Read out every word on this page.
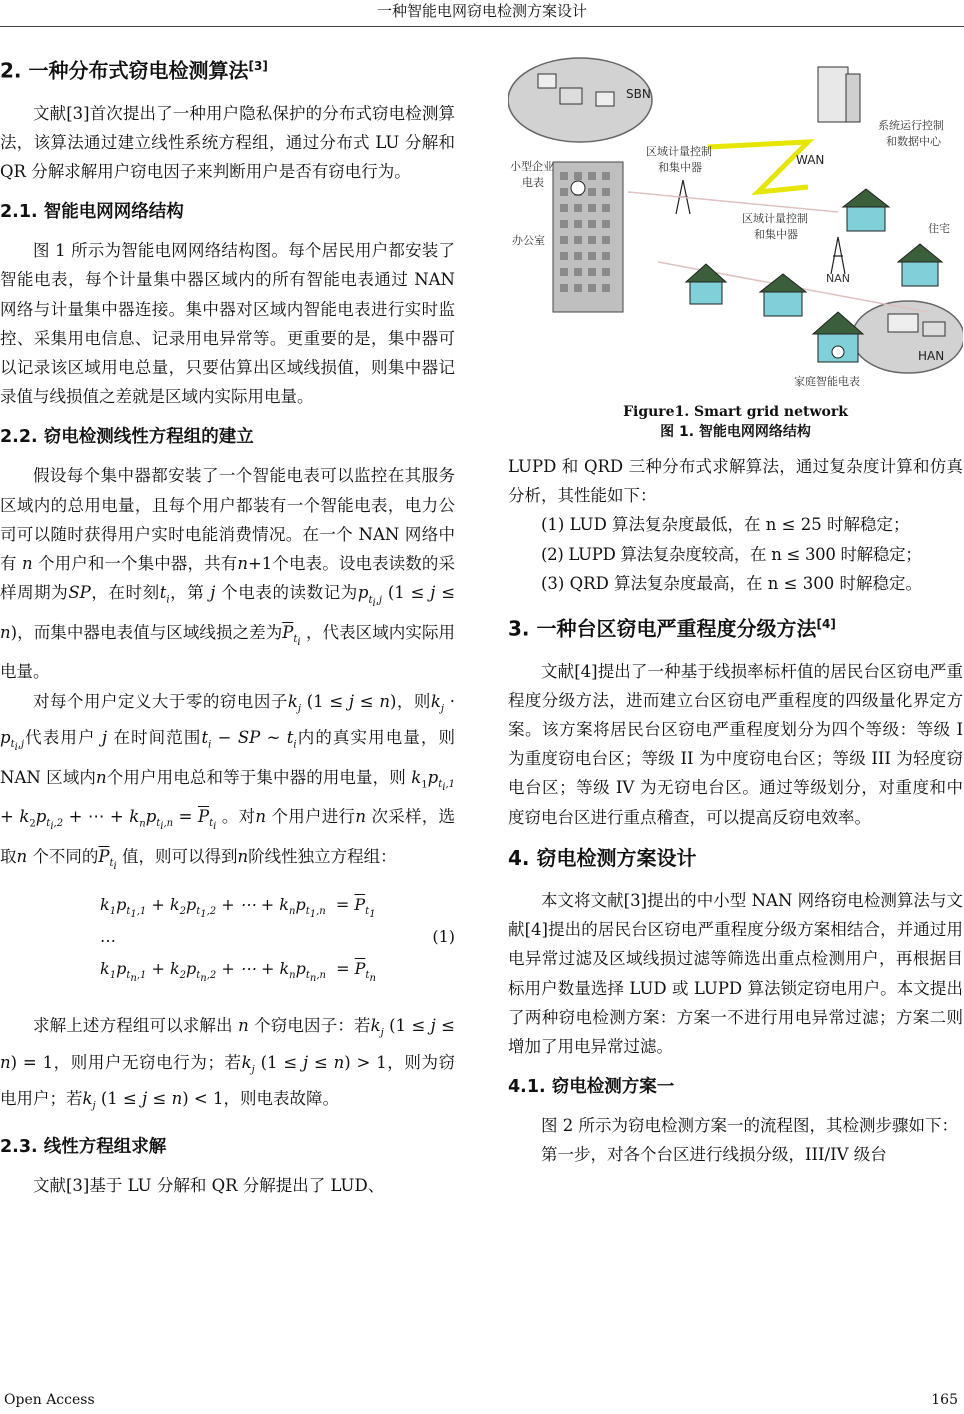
一种智能电网窃电检测方案设计
2. 一种分布式窃电检测算法[3]

文献[3]首次提出了一种用户隐私保护的分布式窃电检测算法，该算法通过建立线性系统方程组，通过分布式 LU 分解和 QR 分解求解用户窃电因子来判断用户是否有窃电行为。

2.1. 智能电网网络结构

图 1 所示为智能电网网络结构图。每个居民用户都安装了智能电表，每个计量集中器区域内的所有智能电表通过 NAN 网络与计量集中器连接。集中器对区域内智能电表进行实时监控、采集用电信息、记录用电异常等。更重要的是，集中器可以记录该区域用电总量，只要估算出区域线损值，则集中器记录值与线损值之差就是区域内实际用电量。

2.2. 窃电检测线性方程组的建立

假设每个集中器都安装了一个智能电表可以监控在其服务区域内的总用电量，且每个用户都装有一个智能电表，电力公司可以随时获得用户实时电能消费情况。在一个 NAN 网络中有 n 个用户和一个集中器，共有n+1个电表。设电表读数的采样周期为SP，在时刻$t_i$，第 j 个电表的读数记为$p_{t_i,j}$ (1 ≤ j ≤ n)，而集中器电表值与区域线损之差为$\overline{P}_{t_i}$ ，代表区域内实际用电量。

对每个用户定义大于零的窃电因子$k_j$ (1 ≤ j ≤ n)，则$k_j \cdot p_{t_i,j}$代表用户 j 在时间范围$t_i$ − SP ~ $t_i$内的真实用电量，则 NAN 区域内n个用户用电总和等于集中器的用电量，则 $k_1p_{t_i,1} + k_2p_{t_i,2}$ + ⋯ + $k_np_{t_i,n} = \overline{P}_{t_i}$ 。对n 个用户进行n 次采样，选取n 个不同的$\overline{P}_{t_i}$ 值，则可以得到n阶线性独立方程组：

$k_1p_{t_1,1} + k_2p_{t_1,2}$ + ⋯ + $k_np_{t_1,n} = \overline{P}_{t_1}$
…
$k_1p_{t_n,1} + k_2p_{t_n,2}$ + ⋯ + $k_np_{t_n,n} = \overline{P}_{t_n}$
(1)

求解上述方程组可以求解出 n 个窃电因子：若$k_j$ (1 ≤ j ≤ n) = 1，则用户无窃电行为；若$k_j$ (1 ≤ j ≤ n) > 1，则为窃电用户；若$k_j$ (1 ≤ j ≤ n) < 1，则电表故障。

2.3. 线性方程组求解

文献[3]基于 LU 分解和 QR 分解提出了 LUD、

SBN
HAN
小型企业
电表
办公室
WAN
区域计量控制
和集中器
区域计量控制
和集中器
系统运行控制
和数据中心
住宅
NAN
家庭智能电表
Figure1. Smart grid network
图 1. 智能电网网络结构

LUPD 和 QRD 三种分布式求解算法，通过复杂度计算和仿真分析，其性能如下：

(1) LUD 算法复杂度最低，在 n ≤ 25 时解稳定；

(2) LUPD 算法复杂度较高，在 n ≤ 300 时解稳定；

(3) QRD 算法复杂度最高，在 n ≤ 300 时解稳定。

3. 一种台区窃电严重程度分级方法[4]

文献[4]提出了一种基于线损率标杆值的居民台区窃电严重程度分级方法，进而建立台区窃电严重程度的四级量化界定方案。该方案将居民台区窃电严重程度划分为四个等级：等级 I 为重度窃电台区；等级 II 为中度窃电台区；等级 III 为轻度窃电台区；等级 IV 为无窃电台区。通过等级划分，对重度和中度窃电台区进行重点稽查，可以提高反窃电效率。

4. 窃电检测方案设计

本文将文献[3]提出的中小型 NAN 网络窃电检测算法与文献[4]提出的居民台区窃电严重程度分级方案相结合，并通过用电异常过滤及区域线损过滤等筛选出重点检测用户，再根据目标用户数量选择 LUD 或 LUPD 算法锁定窃电用户。本文提出了两种窃电检测方案：方案一不进行用电异常过滤；方案二则增加了用电异常过滤。

4.1. 窃电检测方案一

图 2 所示为窃电检测方案一的流程图，其检测步骤如下：

第一步，对各个台区进行线损分级，III/IV 级台

Open Access	165
